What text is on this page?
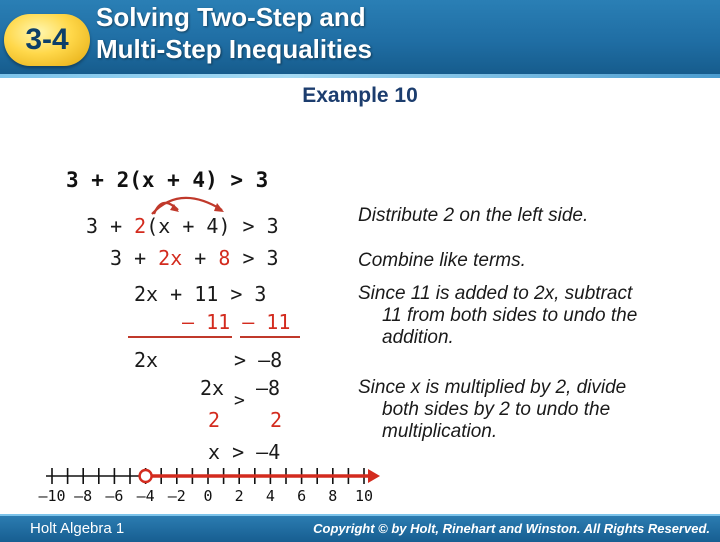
3-4
Solving Two-Step and
Multi-Step Inequalities
Example 10
3 + 2(x + 4) > 3
3 + 2(x + 4) > 3
3 + 2x + 8 > 3
2x + 11 > 3
– 11 – 11
2x	> –8
2x –8
>
2 2
x > –4
Distribute 2 on the left side.
Combine like terms.
Since 11 is added to 2x, subtract
11 from both sides to undo the
addition.
Since x is multiplied by 2, divide
both sides by 2 to undo the
multiplication.
–10 –8 –6 –4 –2 0 2 4 6 8 10
Holt Algebra 1	Copyright © by Holt, Rinehart and Winston. All Rights Reserved.
